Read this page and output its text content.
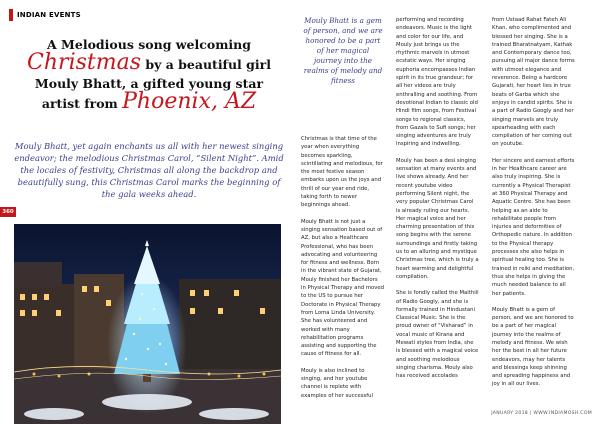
INDIAN EVENTS
360
A Melodious song welcoming
Christmas by a beautiful girl
Mouly Bhatt, a gifted young star
artist from Phoenix, AZ
Mouly Bhatt, yet again enchants us all with her newest singing endeavor; the melodious Christmas Carol, “Silent Night”. Amid the locales of festivity, Christmas all along the backdrop and beautifully sung, this Christmas Carol marks the beginning of the gala weeks ahead.
Mouly Bhatt is a gem of person, and we are honored to be a part of her magical journey into the realms of melody and fitness

Christmas is that time of the year when everything becomes sparkling, scintillating and melodious, for the most festive season embarks upon us the joys and thrill of our year end ride, taking forth to newer beginnings ahead.

Mouly Bhatt is not just a singing sensation based out of AZ, but also a Healthcare Professional, who has been advocating and volunteering for fitness and wellness. Born in the vibrant state of Gujarat, Mouly finished her Bachelors in Physical Therapy and moved to the US to pursue her Doctorate in Physical Therapy from Loma Linda University. She has volunteered and worked with many rehabilitation programs assisting and supporting the cause of fitness for all.

Mouly is also inclined to singing, and her youtube channel is replete with examples of her successful

performing and recording endeavors. Music is the light and color for our life, and Mouly just brings us the rhythmic marvels in utmost ecstatic ways. Her singing euphoria encompasses Indian spirit in its true grandeur; for all her videos are truly enthralling and soothing. From devotional Indian to classic old Hindi film songs, from Festival songs to regional classics, from Gazals to Sufi songs; her singing adventures are truly inspiring and indwelling.

Mouly has been a desi singing sensation at many events and live shows already. And her recent youtube video performing Silent night, the very popular Christmas Carol is already ruling our hearts. Her magical voice and her charming presentation of this song begins with the serene surroundings and firstly taking us to an alluring and mystique Christmas tree, which is truly a heart warming and delightful compilation.

She is fondly called the Maithili of Radio Googly, and she is formally trained in Hindustani Classical Music. She is the proud owner of “Visharad” in vocal music of Kirana and Mewati styles from India, she is blessed with a magical voice and soothing melodious singing charisma. Mouly also has received accolades

from Ustaad Rahat Fateh Ali Khan, who complimented and blessed her singing. She is a trained Bharatnatyam, Kathak and Contemporary dance too, pursuing all major dance forms with utmost elegance and reverence. Being a hardcore Gujarati, her heart lies in true beats of Garba which she enjoys in candid spirits. She is a part of Radio Googly and her singing marvels are truly spearheading with each compilation of her coming out on youtube.

Her sincere and earnest efforts in her Healthcare career are also truly inspiring. She is currently a Physical Therapist at 360 Physical Therapy and Aquatic Centre. She has been helping as an aide to rehabilitate people from injuries and deformities of Orthopedic nature. In addition to the Physical therapy processes she also helps in spiritual healing too. She is trained in reiki and meditation, thus she helps in giving the much needed balance to all her patients.

Mouly Bhatt is a gem of person, and we are honored to be a part of her magical journey into the realms of melody and fitness. We wish her the best in all her future endeavors, may her talents and blessings keep shinning and spreading happiness and joy in all our lives.

JANUARY 2018 | WWW.INDIAMOSH.COM
